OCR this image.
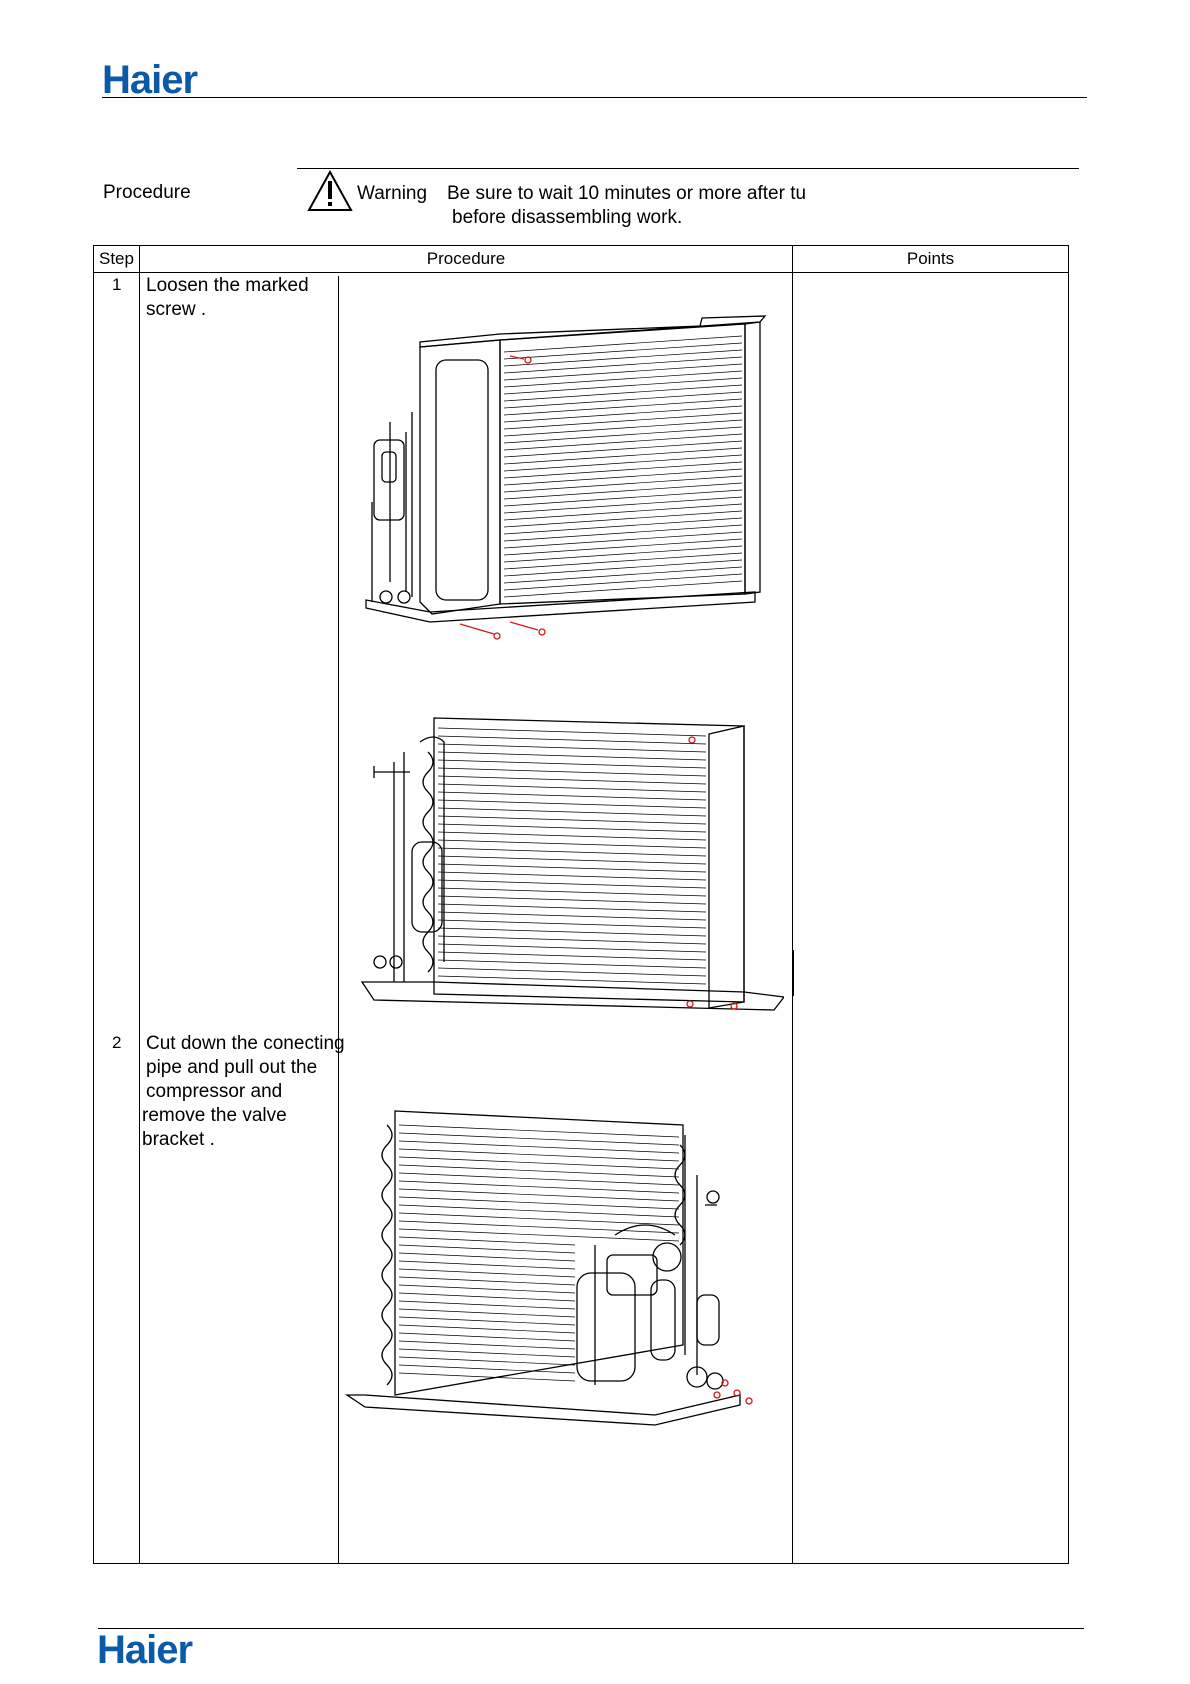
Haier
Procedure	Warning Be sure to wait 10 minutes or more after tu
before disassembling work.
Step	Procedure	Points

1 Loosen the marked
screw .
2 Cut down the conecting
pipe and pull out the
compressor and
remove the valve
bracket .
Haier
